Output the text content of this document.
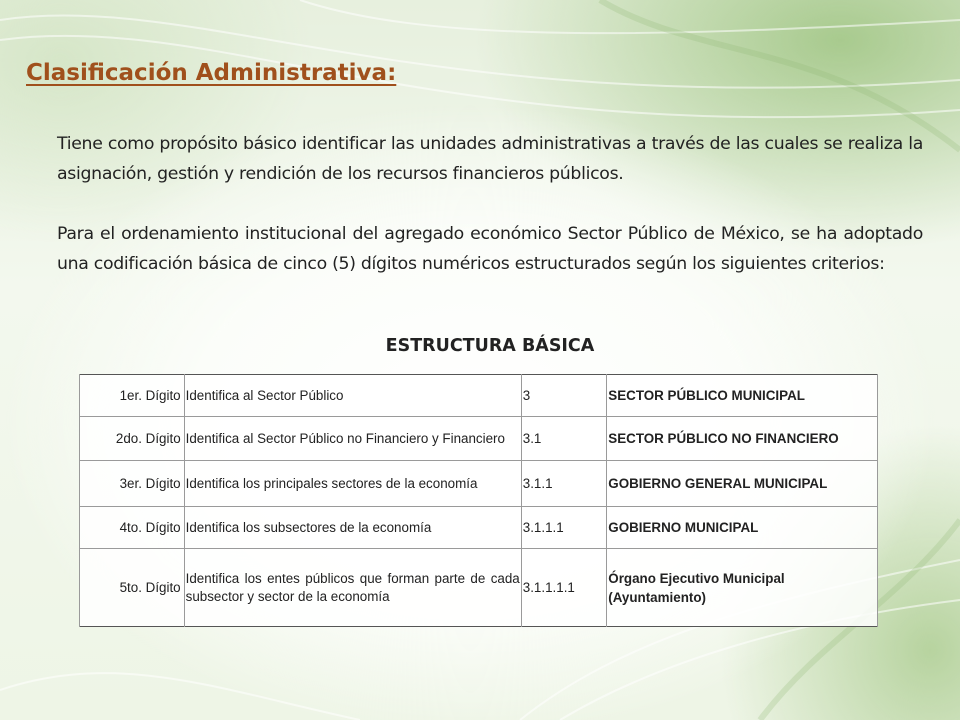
Clasificación Administrativa:

Tiene como propósito básico identificar las unidades administrativas a través de las cuales se realiza la asignación, gestión y rendición de los recursos financieros públicos.

Para el ordenamiento institucional del agregado económico Sector Público de México, se ha adoptado una codificación básica de cinco (5) dígitos numéricos estructurados según los siguientes criterios:

ESTRUCTURA BÁSICA
1er. Dígito	Identifica al Sector Público	3	SECTOR PÚBLICO MUNICIPAL
2do. Dígito	Identifica al Sector Público no Financiero y Financiero	3.1	SECTOR PÚBLICO NO FINANCIERO
3er. Dígito	Identifica los principales sectores de la economía	3.1.1	GOBIERNO GENERAL MUNICIPAL
4to. Dígito	Identifica los subsectores de la economía	3.1.1.1	GOBIERNO MUNICIPAL
5to. Dígito	Identifica los entes públicos que forman parte de cada subsector y sector de la economía	3.1.1.1.1	Órgano Ejecutivo Municipal (Ayuntamiento)
